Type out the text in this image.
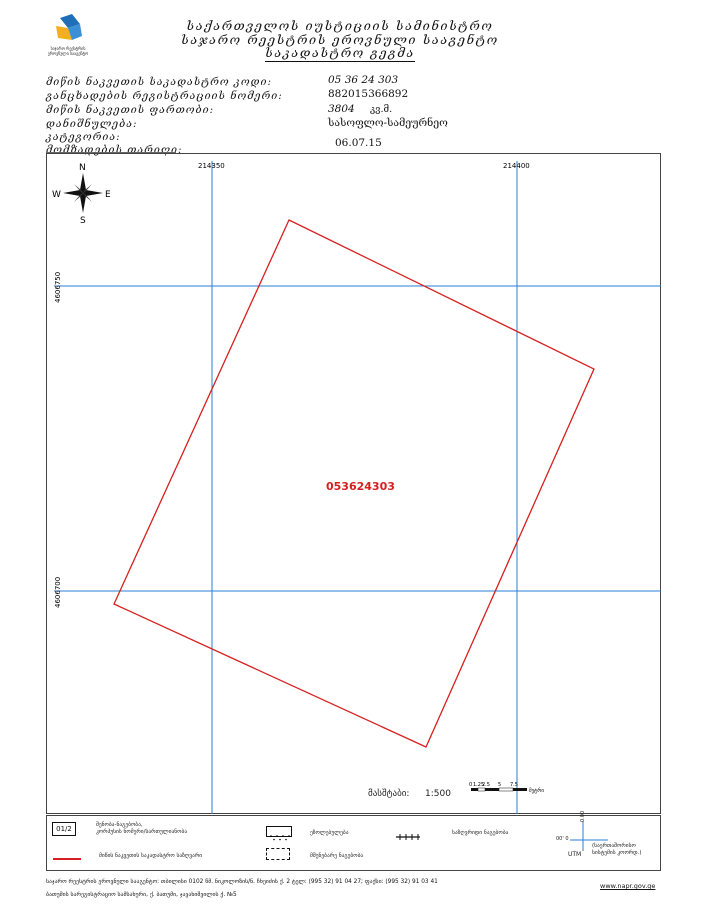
საჯარო რეესტრის ეროვნული სააგენტო
საქართველოს იუსტიციის სამინისტრო
საჯარო რეესტრის ეროვნული სააგენტო
საკადასტრო გეგმა
მიწის ნაკვეთის საკადასტრო კოდი:	05 36 24 303
განცხადების რეგისტრაციის ნომერი:	882015366892
მიწის ნაკვეთის ფართობი:	3804 კვ.მ.
დანიშნულება:	სასოფლო-სამეურნეო
კატეგორია:
მომზადების თარიღი:
06.07.15
214350	214400
4606750
4606700
N
S
E
W
053624303
მასშტაბი: 1:500
0 1.25
2.5 5 7.5
მეტრი
01/2	შენობა-ნაგებობა,
კორპუსის ნომერი/სართულიანობა	ეზოლებულება	საზღვრიდი ნაგებობა
მიწის ნაკვეთის საკადასტრო საზღვარი	მშენებარე ნაგებობა
0.00
00' 0
UTM
(საერთაშორისო
სისტემის კოორდ.)
საჯარო რეესტრის ეროვნული სააგენტო: თბილისი 0102 წმ. ნიკოლოზის/ნ. ჩხეიძის ქ. 2 ტელ: (995 32) 91 04 27; ფაქსი: (995 32) 91 03 41
ბათუმის სარეგისტრაციო სამსახური, ქ. ბათუმი, ჯავახიშვილის ქ. №5
www.napr.gov.ge
